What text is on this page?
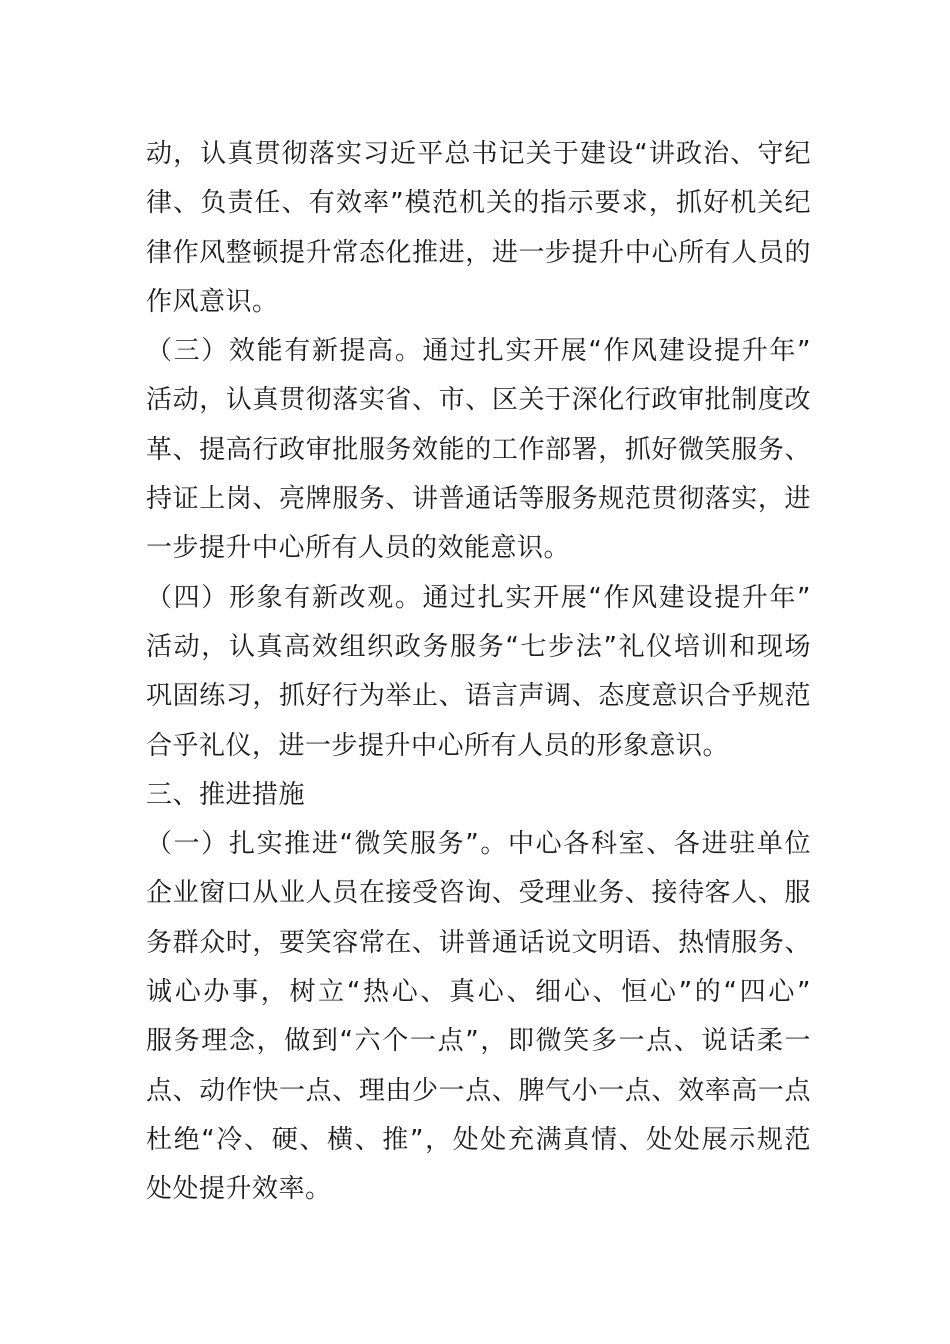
动，认真贯彻落实习近平总书记关于建设“讲政治、守纪
律、负责任、有效率”模范机关的指示要求，抓好机关纪
律作风整顿提升常态化推进，进一步提升中心所有人员的
作风意识。
（三）效能有新提高。通过扎实开展“作风建设提升年”
活动，认真贯彻落实省、市、区关于深化行政审批制度改
革、提高行政审批服务效能的工作部署，抓好微笑服务、
持证上岗、亮牌服务、讲普通话等服务规范贯彻落实，进
一步提升中心所有人员的效能意识。
（四）形象有新改观。通过扎实开展“作风建设提升年”
活动，认真高效组织政务服务“七步法”礼仪培训和现场
巩固练习，抓好行为举止、语言声调、态度意识合乎规范
合乎礼仪，进一步提升中心所有人员的形象意识。
三、推进措施
（一）扎实推进“微笑服务”。中心各科室、各进驻单位
企业窗口从业人员在接受咨询、受理业务、接待客人、服
务群众时，要笑容常在、讲普通话说文明语、热情服务、
诚心办事，树立“热心、真心、细心、恒心”的“四心”
服务理念，做到“六个一点”，即微笑多一点、说话柔一
点、动作快一点、理由少一点、脾气小一点、效率高一点
杜绝“冷、硬、横、推”，处处充满真情、处处展示规范
处处提升效率。
